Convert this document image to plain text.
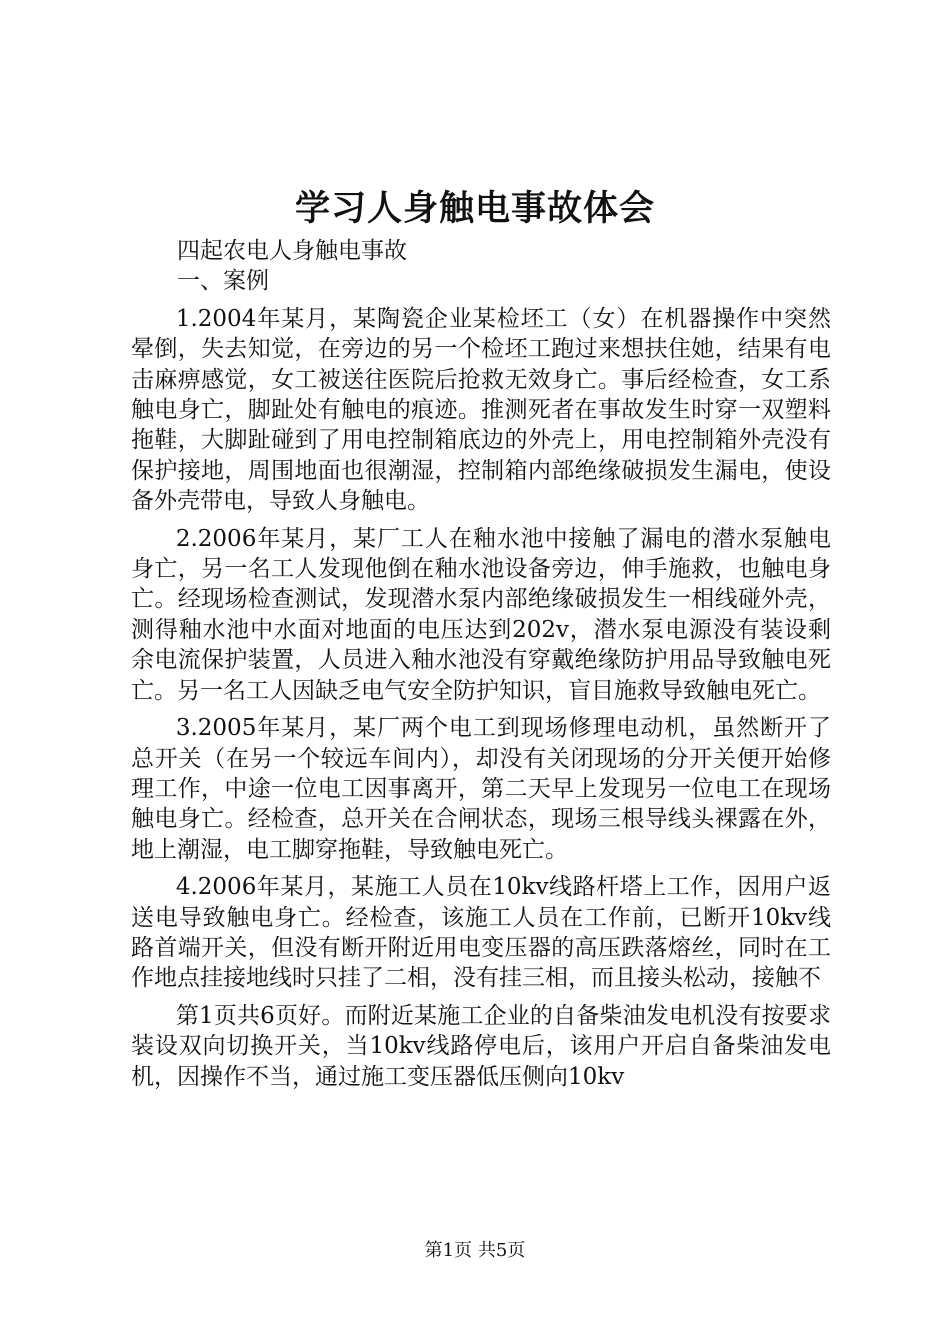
学习人身触电事故体会

四起农电人身触电事故

一、案例

1.2004年某月，某陶瓷企业某检坯工（女）在机器操作中突然晕倒，失去知觉，在旁边的另一个检坯工跑过来想扶住她，结果有电击麻痹感觉，女工被送往医院后抢救无效身亡。事后经检查，女工系触电身亡，脚趾处有触电的痕迹。推测死者在事故发生时穿一双塑料拖鞋，大脚趾碰到了用电控制箱底边的外壳上，用电控制箱外壳没有保护接地，周围地面也很潮湿，控制箱内部绝缘破损发生漏电，使设备外壳带电，导致人身触电。

2.2006年某月，某厂工人在釉水池中接触了漏电的潜水泵触电身亡，另一名工人发现他倒在釉水池设备旁边，伸手施救，也触电身亡。经现场检查测试，发现潜水泵内部绝缘破损发生一相线碰外壳，测得釉水池中水面对地面的电压达到202v，潜水泵电源没有装设剩余电流保护装置，人员进入釉水池没有穿戴绝缘防护用品导致触电死亡。另一名工人因缺乏电气安全防护知识，盲目施救导致触电死亡。

3.2005年某月，某厂两个电工到现场修理电动机，虽然断开了总开关（在另一个较远车间内），却没有关闭现场的分开关便开始修理工作，中途一位电工因事离开，第二天早上发现另一位电工在现场触电身亡。经检查，总开关在合闸状态，现场三根导线头裸露在外，地上潮湿，电工脚穿拖鞋，导致触电死亡。

4.2006年某月，某施工人员在10kv线路杆塔上工作，因用户返送电导致触电身亡。经检查，该施工人员在工作前，已断开10kv线路首端开关，但没有断开附近用电变压器的高压跌落熔丝，同时在工作地点挂接地线时只挂了二相，没有挂三相，而且接头松动，接触不

第1页共6页好。而附近某施工企业的自备柴油发电机没有按要求装设双向切换开关，当10kv线路停电后，该用户开启自备柴油发电机，因操作不当，通过施工变压器低压侧向10kv

第1页 共5页
